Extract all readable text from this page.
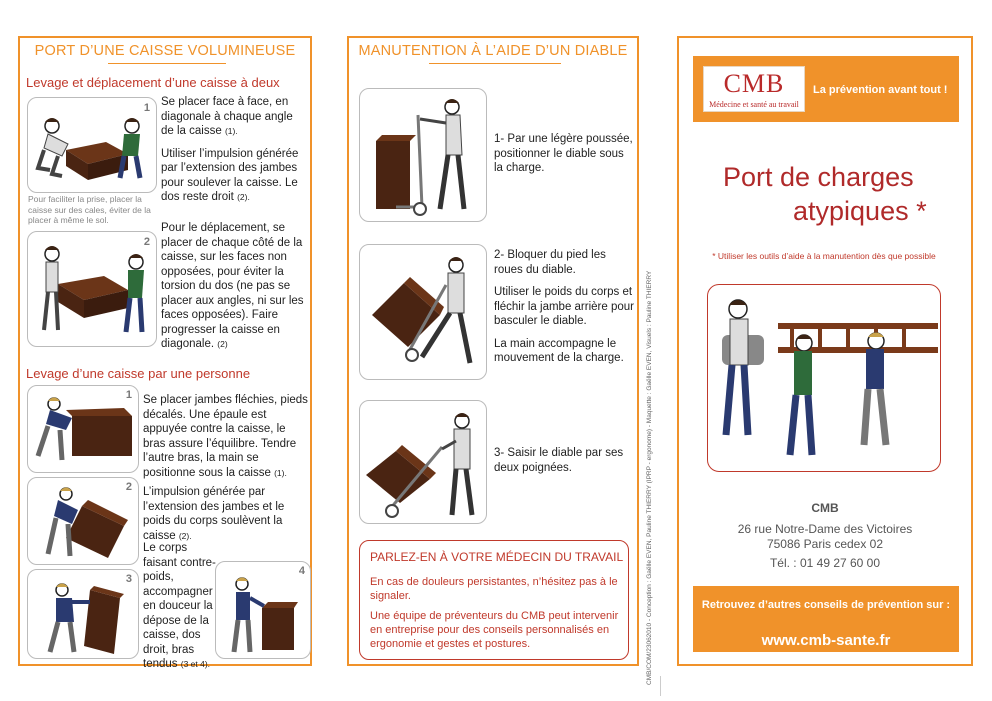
PORT D’UNE CAISSE VOLUMINEUSE
Levage et déplacement d’une caisse à deux
1 Se placer face à face, en diagonale à chaque angle de la caisse (1).

Utiliser l’impulsion générée par l’extension des jambes pour soulever la caisse. Le dos reste droit (2).

Pour faciliter la prise, placer la caisse sur des cales, éviter de la placer à même le sol.
2

Pour le déplacement, se placer de chaque côté de la caisse, sur les faces non opposées, pour éviter la torsion du dos (ne pas se placer aux angles, ni sur les faces opposées). Faire progresser la caisse en diagonale. (2)

Levage d’une caisse par une personne
1 Se placer jambes fléchies, pieds décalés. Une épaule est appuyée contre la caisse, le bras assure l’équilibre. Tendre l’autre bras, la main se positionne sous la caisse (1).

2 L’impulsion générée par l’extension des jambes et le poids du corps soulèvent la caisse (2).

3
4

Le corps faisant contre-poids, accompagner en douceur la dépose de la caisse, dos droit, bras tendus (3 et 4).

MANUTENTION À L’AIDE D’UN DIABLE
1- Par une légère poussée, positionner le diable sous la charge.

2- Bloquer du pied les roues du diable.

Utiliser le poids du corps et fléchir la jambe arrière pour basculer le diable.

La main accompagne le mouvement de la charge.

3- Saisir le diable par ses deux poignées.
PARLEZ-EN À VOTRE MÉDECIN DU TRAVAIL

En cas de douleurs persistantes, n’hésitez pas à le signaler.

Une équipe de préventeurs du CMB peut intervenir en entreprise pour des conseils personnalisés en ergonomie et gestes et postures.	CMB/COM/23062010 - Conception : Gaëlle EVEN, Pauline THIERRY (IPRP - ergonome) - Maquette : Gaëlle EVEN, Visuels : Pauline THIERRY
CMB
Médecine et santé au travail
La prévention avant tout !
Port de charges
atypiques *
* Utiliser les outils d’aide à la manutention dès que possible
CMB
26 rue Notre-Dame des Victoires
75086 Paris cedex 02
Tél. : 01 49 27 60 00
Retrouvez d’autres conseils de prévention sur :
www.cmb-sante.fr
